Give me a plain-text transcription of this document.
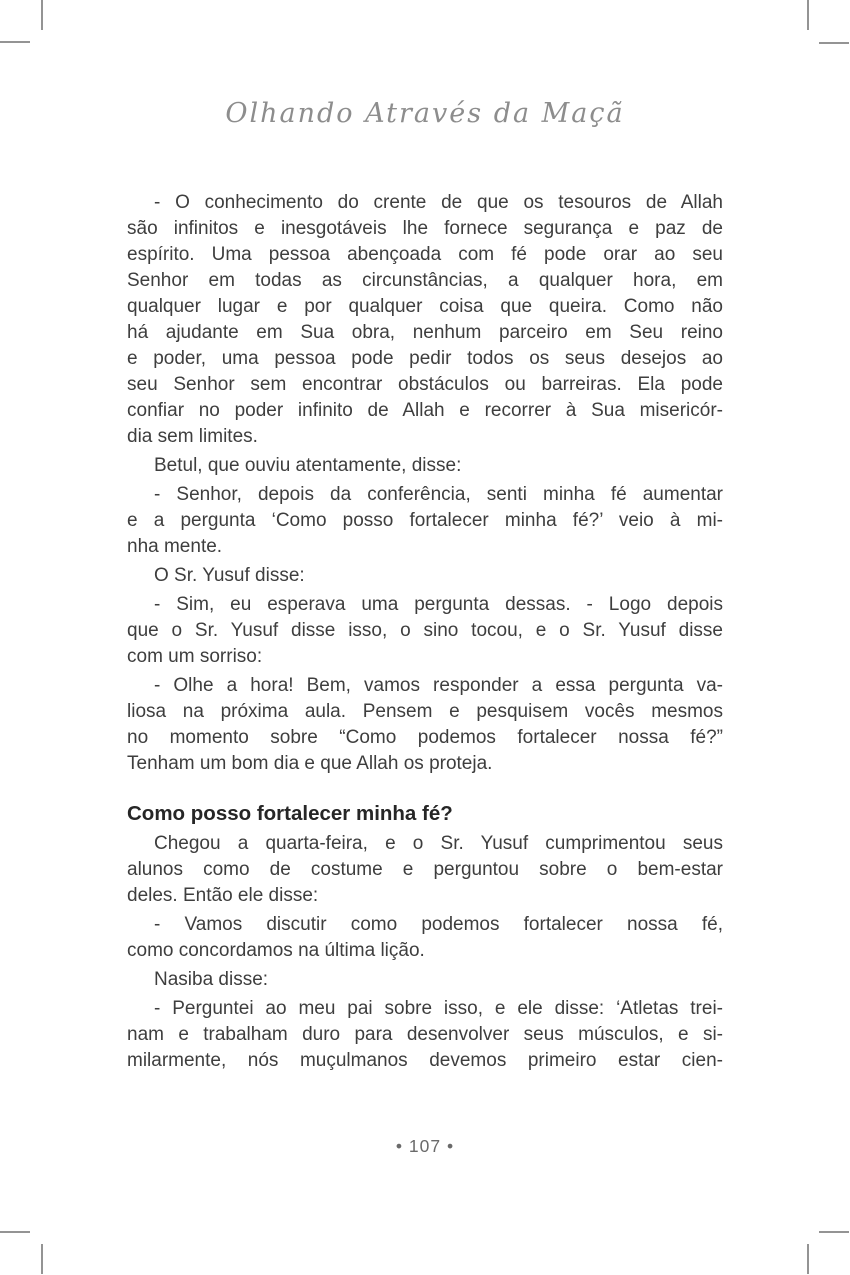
Olhando Através da Maçã
- O conhecimento do crente de que os tesouros de Allah
são infinitos e inesgotáveis lhe fornece segurança e paz de
espírito. Uma pessoa abençoada com fé pode orar ao seu
Senhor em todas as circunstâncias, a qualquer hora, em
qualquer lugar e por qualquer coisa que queira. Como não
há ajudante em Sua obra, nenhum parceiro em Seu reino
e poder, uma pessoa pode pedir todos os seus desejos ao
seu Senhor sem encontrar obstáculos ou barreiras. Ela pode
confiar no poder infinito de Allah e recorrer à Sua misericór-
dia sem limites.
Betul, que ouviu atentamente, disse:
- Senhor, depois da conferência, senti minha fé aumentar
e a pergunta ‘Como posso fortalecer minha fé?’ veio à mi-
nha mente.
O Sr. Yusuf disse:
- Sim, eu esperava uma pergunta dessas. - Logo depois
que o Sr. Yusuf disse isso, o sino tocou, e o Sr. Yusuf disse
com um sorriso:
- Olhe a hora! Bem, vamos responder a essa pergunta va-
liosa na próxima aula. Pensem e pesquisem vocês mesmos
no momento sobre “Como podemos fortalecer nossa fé?”
Tenham um bom dia e que Allah os proteja.
Como posso fortalecer minha fé?
Chegou a quarta-feira, e o Sr. Yusuf cumprimentou seus
alunos como de costume e perguntou sobre o bem-estar
deles. Então ele disse:
- Vamos discutir como podemos fortalecer nossa fé,
como concordamos na última lição.
Nasiba disse:
- Perguntei ao meu pai sobre isso, e ele disse: ‘Atletas trei-
nam e trabalham duro para desenvolver seus músculos, e si-
milarmente, nós muçulmanos devemos primeiro estar cien-
• 107 •
